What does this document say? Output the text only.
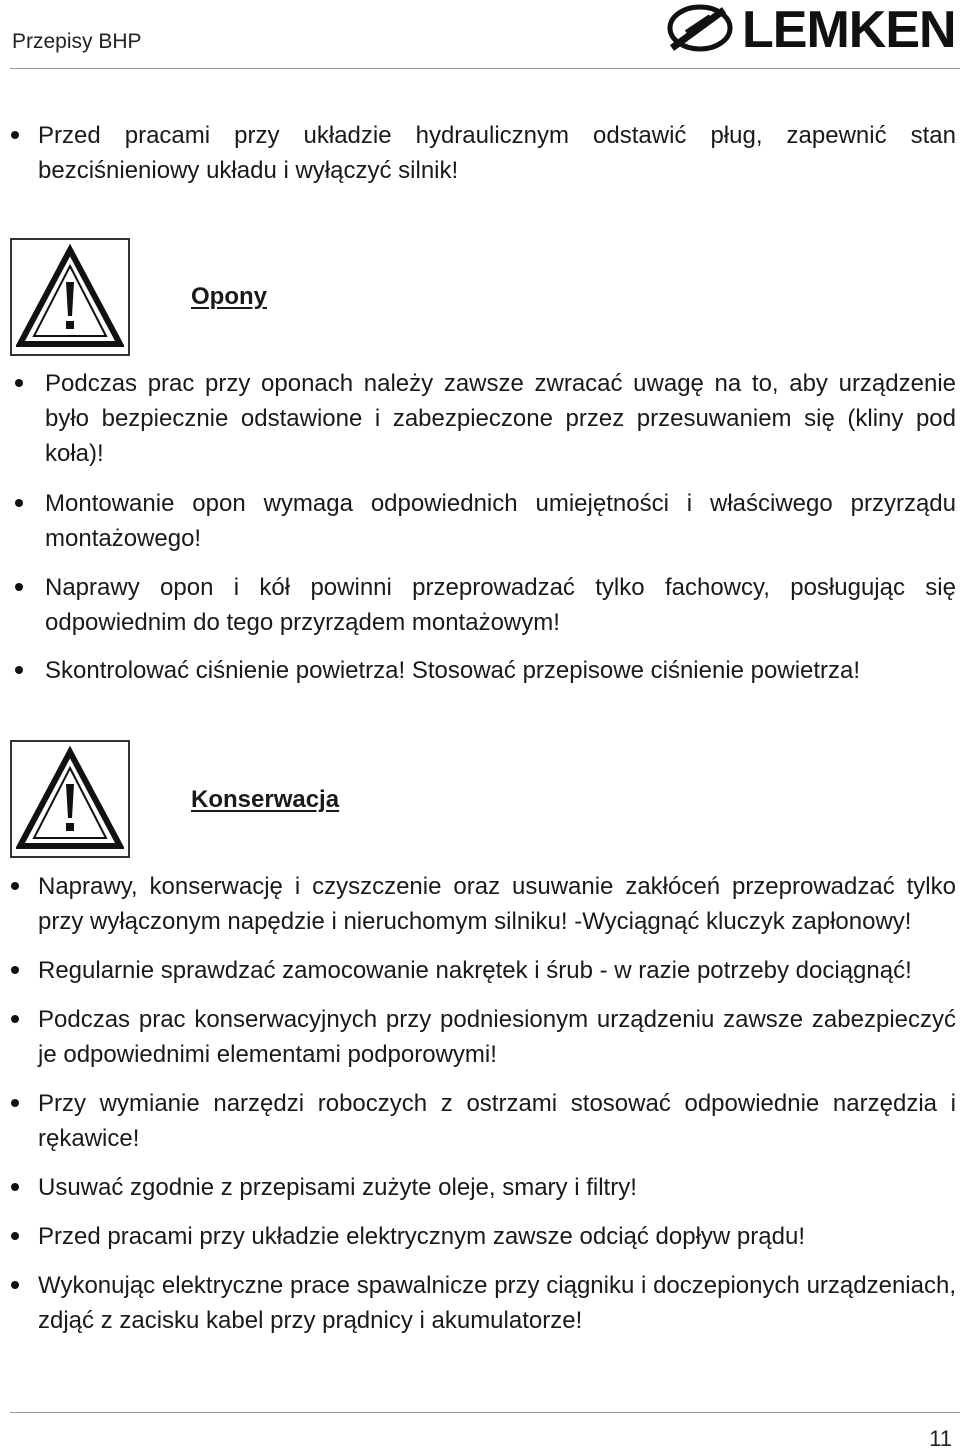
Przepisy BHP	LEMKEN
Przed pracami przy układzie hydraulicznym odstawić pług, zapewnić stan bezciśnieniowy układu i wyłączyć silnik!
Opony
Podczas prac przy oponach należy zawsze zwracać uwagę na to, aby urządzenie było bezpiecznie odstawione i zabezpieczone przez przesuwaniem się (kliny pod koła)!
Montowanie opon wymaga odpowiednich umiejętności i właściwego przyrządu montażowego!
Naprawy opon i kół powinni przeprowadzać tylko fachowcy, posługując się odpowiednim do tego przyrządem montażowym!
Skontrolować ciśnienie powietrza! Stosować przepisowe ciśnienie powietrza!
Konserwacja
Naprawy, konserwację i czyszczenie oraz usuwanie zakłóceń przeprowadzać tylko przy wyłączonym napędzie i nieruchomym silniku! -Wyciągnąć kluczyk zapłonowy!
Regularnie sprawdzać zamocowanie nakrętek i śrub - w razie potrzeby dociągnąć!
Podczas prac konserwacyjnych przy podniesionym urządzeniu zawsze zabezpieczyć je odpowiednimi elementami podporowymi!
Przy wymianie narzędzi roboczych z ostrzami stosować odpowiednie narzędzia i rękawice!
Usuwać zgodnie z przepisami zużyte oleje, smary i filtry!
Przed pracami przy układzie elektrycznym zawsze odciąć dopływ prądu!
Wykonując elektryczne prace spawalnicze przy ciągniku i doczepionych urządzeniach, zdjąć z zacisku kabel przy prądnicy i akumulatorze!
11
